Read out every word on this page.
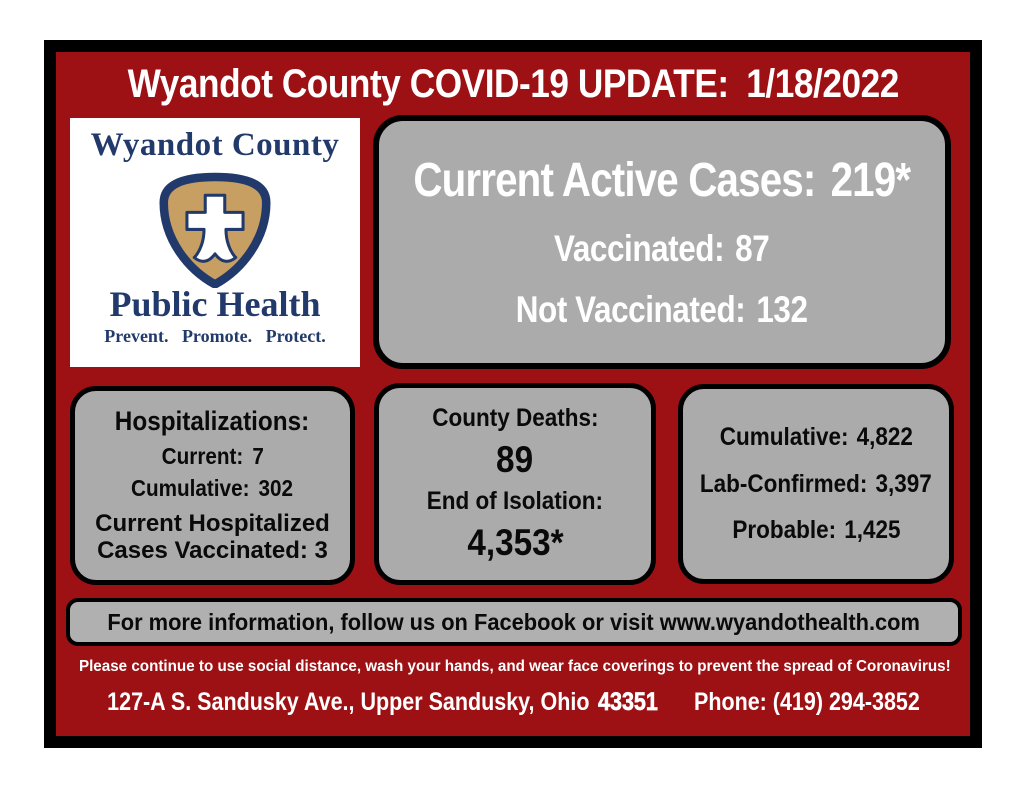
Wyandot County COVID-19 UPDATE: 1/18/2022
Wyandot County
Public Health
Prevent. Promote. Protect.
Current Active Cases: 219*
Vaccinated: 87
Not Vaccinated: 132
Hospitalizations:
Current: 7
Cumulative: 302
Current Hospitalized Cases Vaccinated: 3
County Deaths:
89
End of Isolation:
4,353*
Cumulative: 4,822
Lab-Confirmed: 3,397
Probable: 1,425
For more information, follow us on Facebook or visit www.wyandothealth.com
Please continue to use social distance, wash your hands, and wear face coverings to prevent the spread of Coronavirus!
127-A S. Sandusky Ave., Upper Sandusky, Ohio 43351 Phone: (419) 294-3852
